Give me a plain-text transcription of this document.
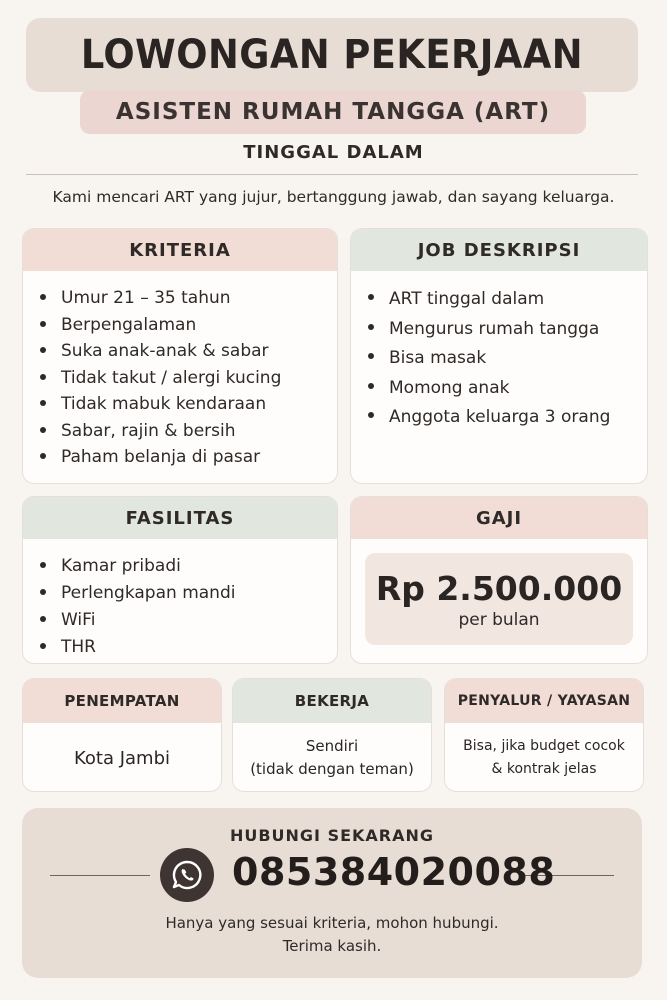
LOWONGAN PEKERJAAN
ASISTEN RUMAH TANGGA (ART)
TINGGAL DALAM
Kami mencari ART yang jujur, bertanggung jawab, dan sayang keluarga.
KRITERIA
Umur 21 – 35 tahun
Berpengalaman
Suka anak-anak & sabar
Tidak takut / alergi kucing
Tidak mabuk kendaraan
Sabar, rajin & bersih
Paham belanja di pasar
JOB DESKRIPSI
ART tinggal dalam
Mengurus rumah tangga
Bisa masak
Momong anak
Anggota keluarga 3 orang
FASILITAS
Kamar pribadi
Perlengkapan mandi
WiFi
THR
GAJI
Rp 2.500.000
per bulan
PENEMPATAN
Kota Jambi
BEKERJA
Sendiri
(tidak dengan teman)
PENYALUR / YAYASAN
Bisa, jika budget cocok
& kontrak jelas
HUBUNGI SEKARANG
085384020088
Hanya yang sesuai kriteria, mohon hubungi.
Terima kasih.
